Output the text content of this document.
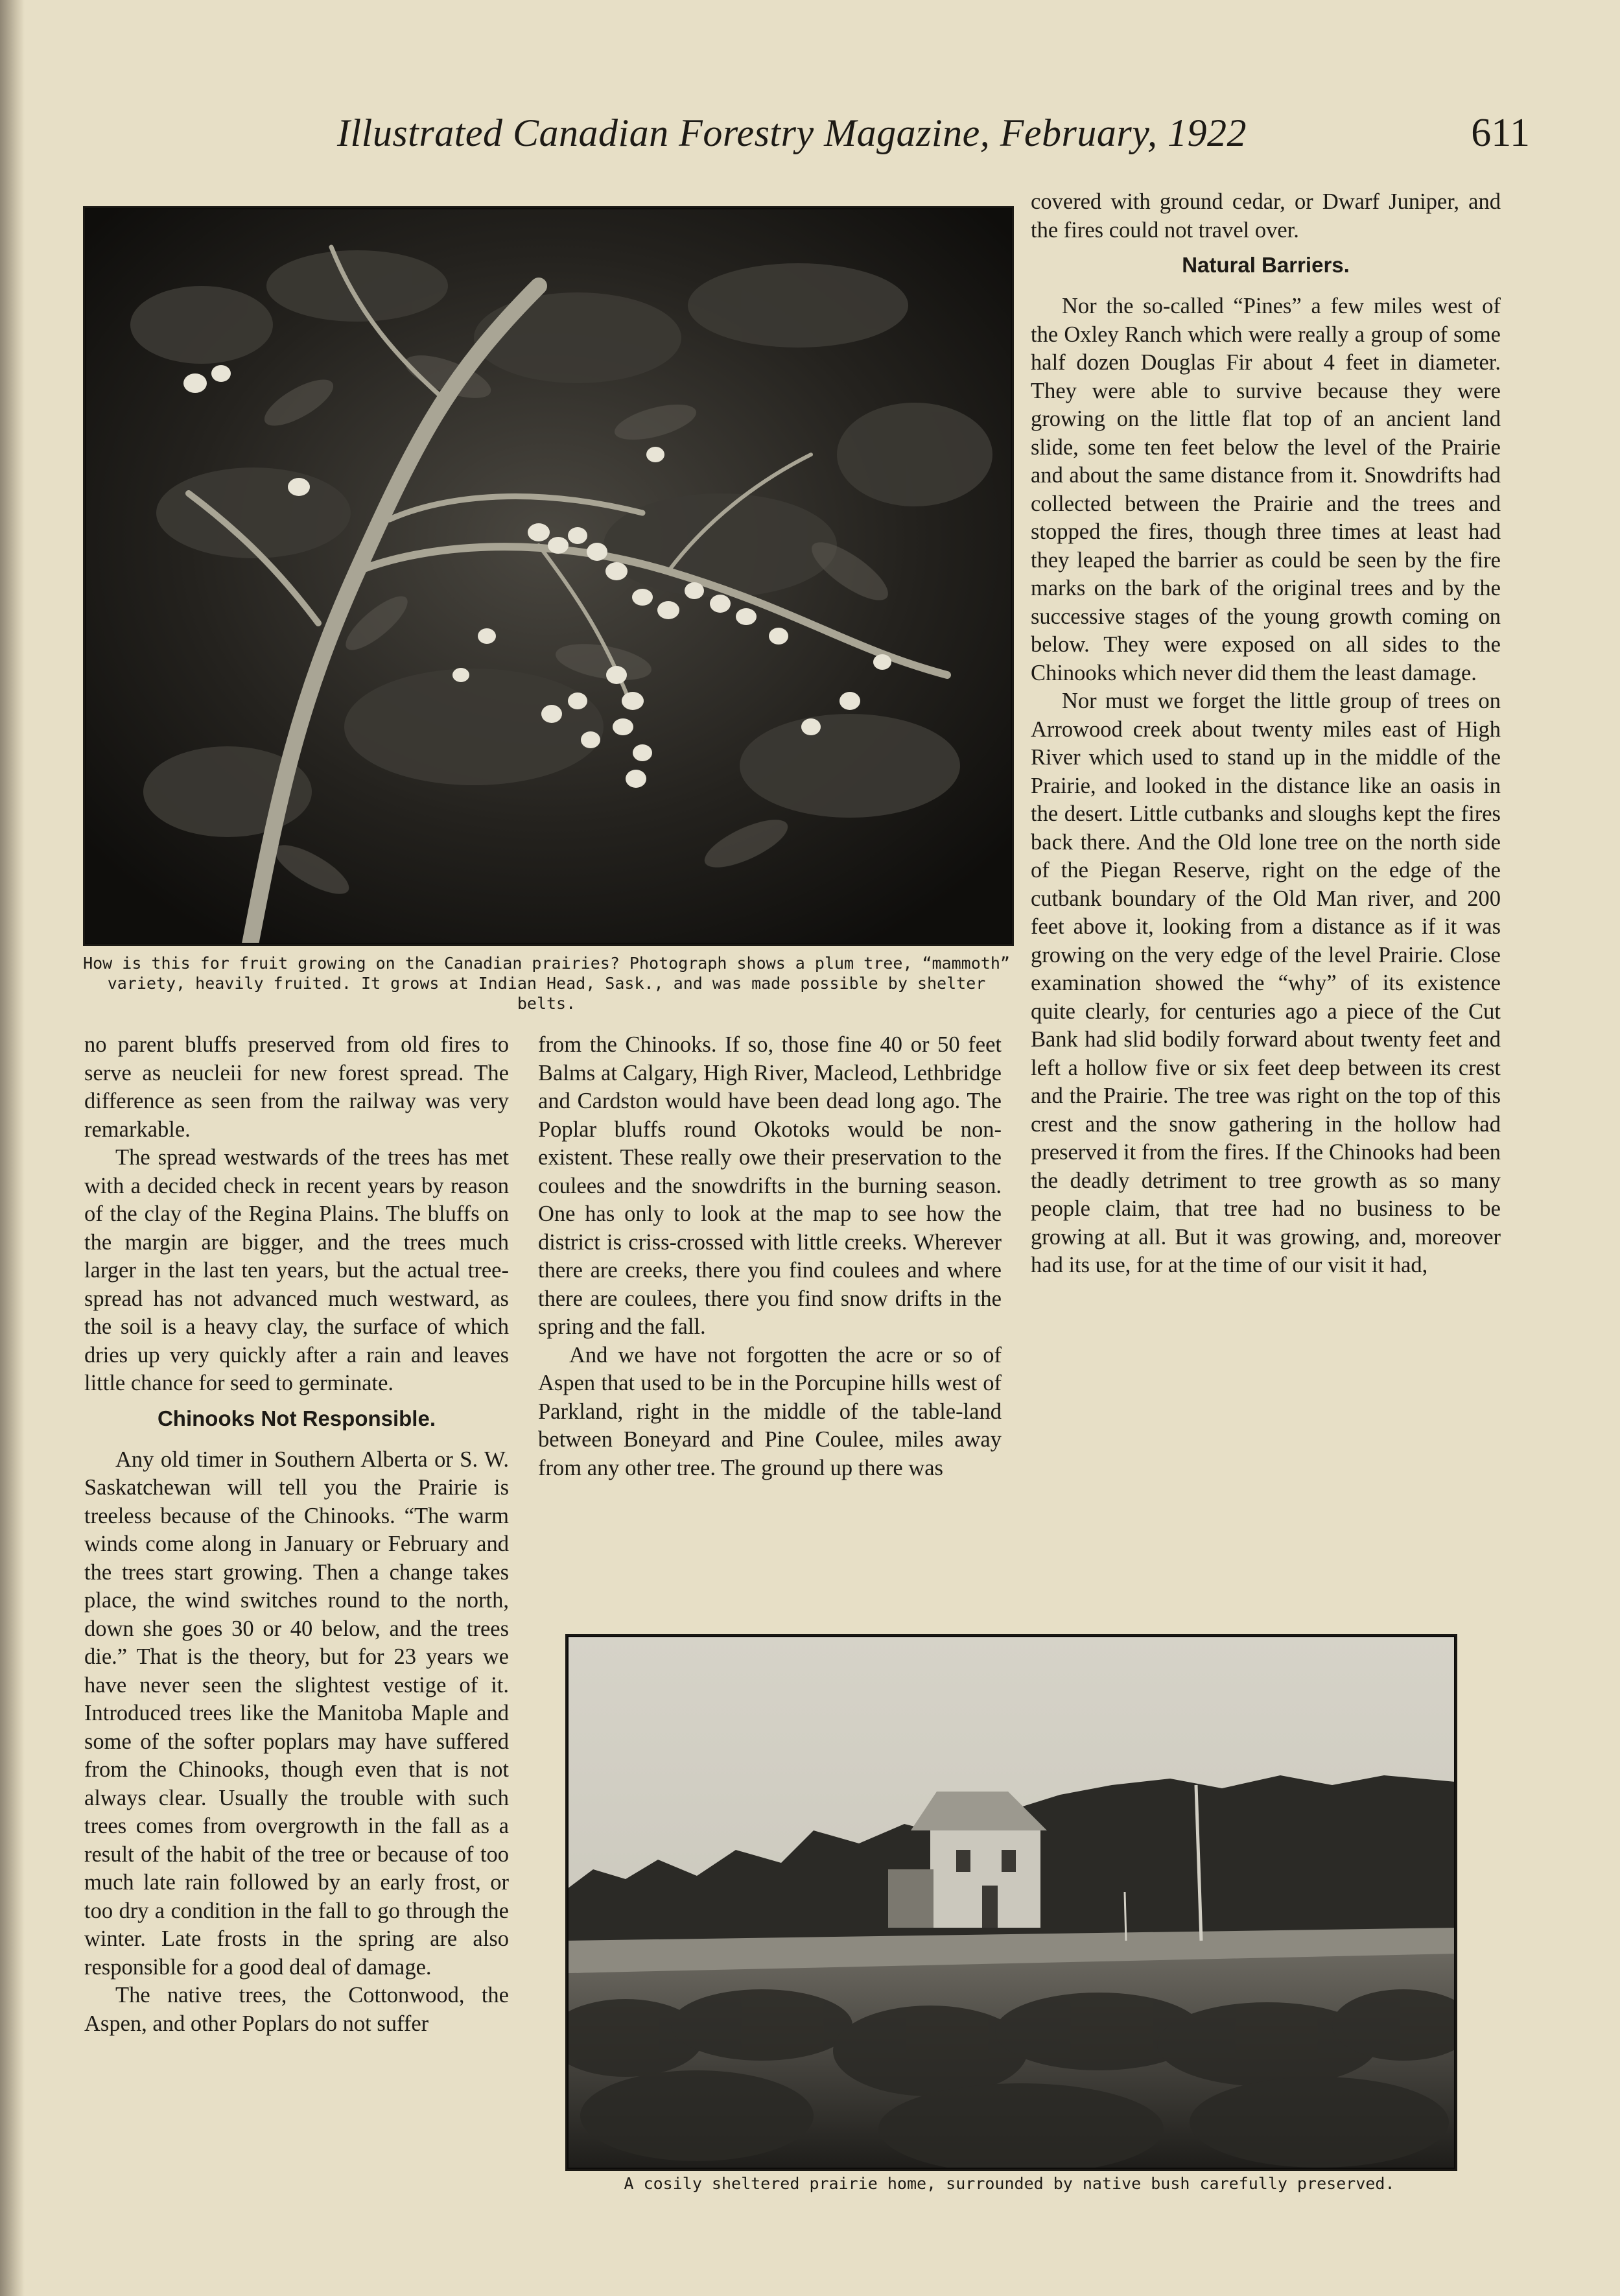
Illustrated Canadian Forestry Magazine, February, 1922	611
How is this for fruit growing on the Canadian prairies? Photograph shows a plum tree, “mammoth” variety, heavily fruited. It grows at Indian Head, Sask., and was made possible by shelter belts.

no parent bluffs preserved from old fires to serve as neucleii for new forest spread. The difference as seen from the railway was very remarkable.

The spread westwards of the trees has met with a decided check in recent years by reason of the clay of the Regina Plains. The bluffs on the margin are bigger, and the trees much larger in the last ten years, but the actual tree-spread has not advanced much westward, as the soil is a heavy clay, the surface of which dries up very quickly after a rain and leaves little chance for seed to germinate.

Chinooks Not Responsible.

Any old timer in Southern Alberta or S. W. Saskatchewan will tell you the Prairie is treeless because of the Chinooks. “The warm winds come along in January or February and the trees start growing. Then a change takes place, the wind switches round to the north, down she goes 30 or 40 below, and the trees die.” That is the theory, but for 23 years we have never seen the slightest vestige of it. Introduced trees like the Manitoba Maple and some of the softer poplars may have suffered from the Chinooks, though even that is not always clear. Usually the trouble with such trees comes from overgrowth in the fall as a result of the habit of the tree or because of too much late rain followed by an early frost, or too dry a condition in the fall to go through the winter. Late frosts in the spring are also responsible for a good deal of damage.

The native trees, the Cottonwood, the Aspen, and other Poplars do not suffer

from the Chinooks. If so, those fine 40 or 50 feet Balms at Calgary, High River, Macleod, Lethbridge and Cardston would have been dead long ago. The Poplar bluffs round Okotoks would be non-existent. These really owe their preservation to the coulees and the snowdrifts in the burning season. One has only to look at the map to see how the district is criss-crossed with little creeks. Wherever there are creeks, there you find coulees and where there are coulees, there you find snow drifts in the spring and the fall.

And we have not forgotten the acre or so of Aspen that used to be in the Porcupine hills west of Parkland, right in the middle of the table-land between Boneyard and Pine Coulee, miles away from any other tree. The ground up there was

covered with ground cedar, or Dwarf Juniper, and the fires could not travel over.

Natural Barriers.

Nor the so-called “Pines” a few miles west of the Oxley Ranch which were really a group of some half dozen Douglas Fir about 4 feet in diameter. They were able to survive because they were growing on the little flat top of an ancient land slide, some ten feet below the level of the Prairie and about the same distance from it. Snowdrifts had collected between the Prairie and the trees and stopped the fires, though three times at least had they leaped the barrier as could be seen by the fire marks on the bark of the original trees and by the successive stages of the young growth coming on below. They were exposed on all sides to the Chinooks which never did them the least damage.

Nor must we forget the little group of trees on Arrowood creek about twenty miles east of High River which used to stand up in the middle of the Prairie, and looked in the distance like an oasis in the desert. Little cutbanks and sloughs kept the fires back there. And the Old lone tree on the north side of the Piegan Reserve, right on the edge of the cutbank boundary of the Old Man river, and 200 feet above it, looking from a distance as if it was growing on the very edge of the level Prairie. Close examination showed the “why” of its existence quite clearly, for centuries ago a piece of the Cut Bank had slid bodily forward about twenty feet and left a hollow five or six feet deep between its crest and the Prairie. The tree was right on the top of this crest and the snow gathering in the hollow had preserved it from the fires. If the Chinooks had been the deadly detriment to tree growth as so many people claim, that tree had no business to be growing at all. But it was growing, and, moreover had its use, for at the time of our visit it had,

A cosily sheltered prairie home, surrounded by native bush carefully preserved.
